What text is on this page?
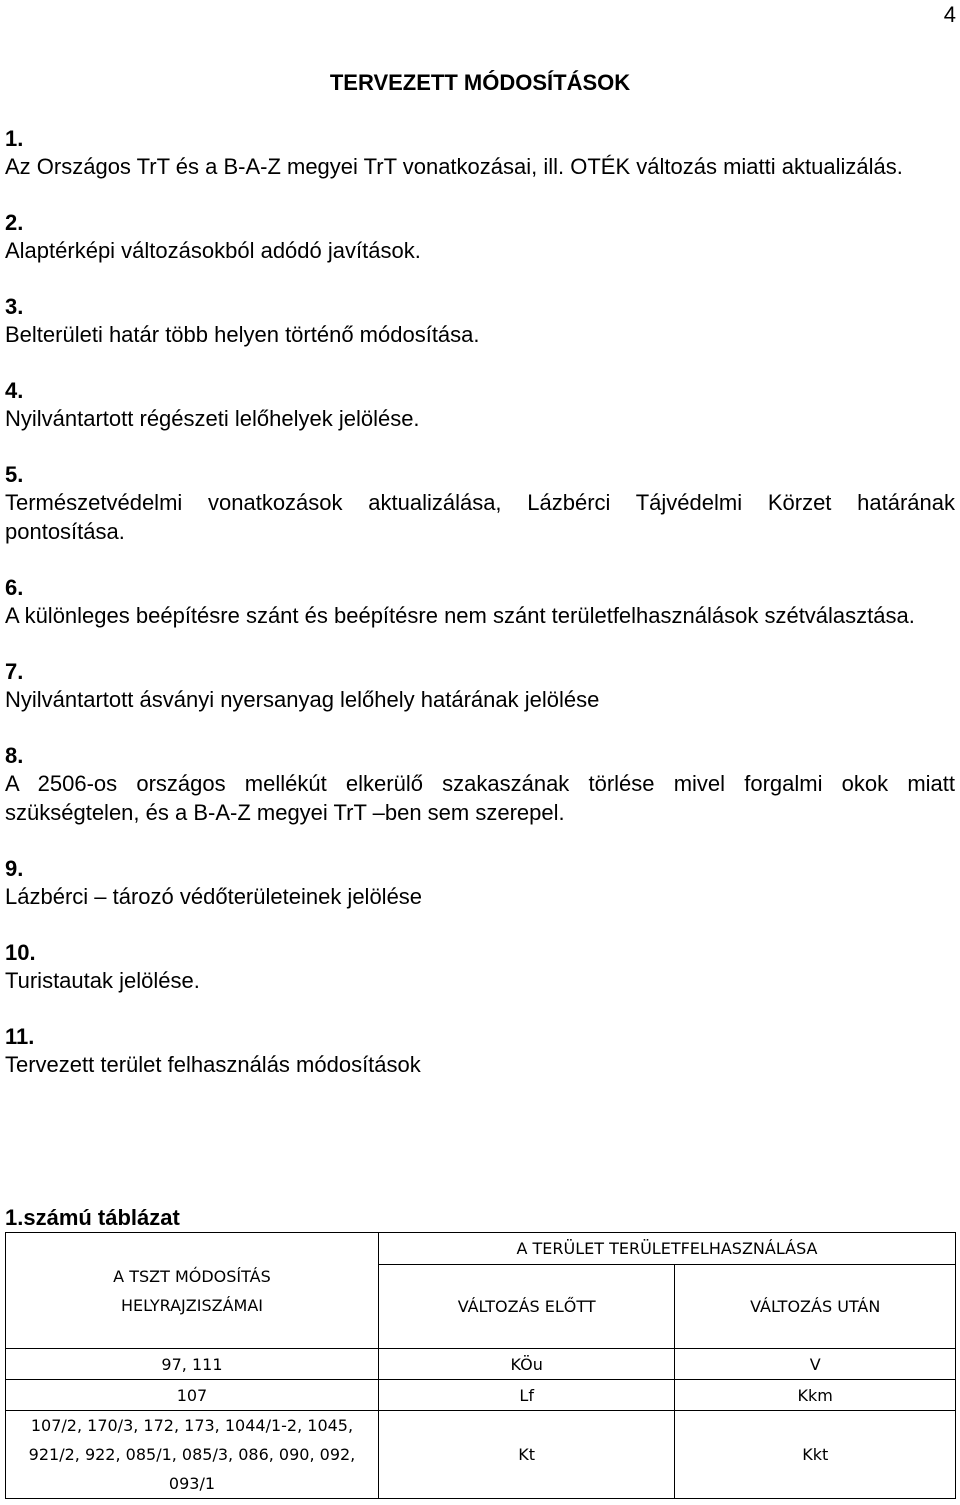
4
TERVEZETT MÓDOSÍTÁSOK
1.
Az Országos TrT és a B-A-Z megyei TrT vonatkozásai, ill. OTÉK változás miatti aktualizálás.
2.
Alaptérképi változásokból adódó javítások.
3.
Belterületi határ több helyen történő módosítása.
4.
Nyilvántartott régészeti lelőhelyek jelölése.
5.
Természetvédelmi vonatkozások aktualizálása, Lázbérci Tájvédelmi Körzet határának pontosítása.
6.
A különleges beépítésre szánt és beépítésre nem szánt területfelhasználások szétválasztása.
7.
Nyilvántartott ásványi nyersanyag lelőhely határának jelölése
8.
A 2506-os országos mellékút elkerülő szakaszának törlése mivel forgalmi okok miatt szükségtelen, és a B-A-Z megyei TrT –ben sem szerepel.
9.
Lázbérci – tározó védőterületeinek jelölése
10.
Turistautak jelölése.
11.
Tervezett terület felhasználás módosítások
1.számú táblázat
A TSZT MÓDOSÍTÁS HELYRAJZISZÁMAI	A TERÜLET TERÜLETFELHASZNÁLÁSA	
	VÁLTOZÁS ELŐTT	VÁLTOZÁS UTÁN
97, 111	KÖu	V
107	Lf	Kkm

107/2, 170/3, 172, 173, 1044/1-2, 1045, 921/2, 922, 085/1, 085/3, 086, 090, 092, 093/1	Kt	Kkt
